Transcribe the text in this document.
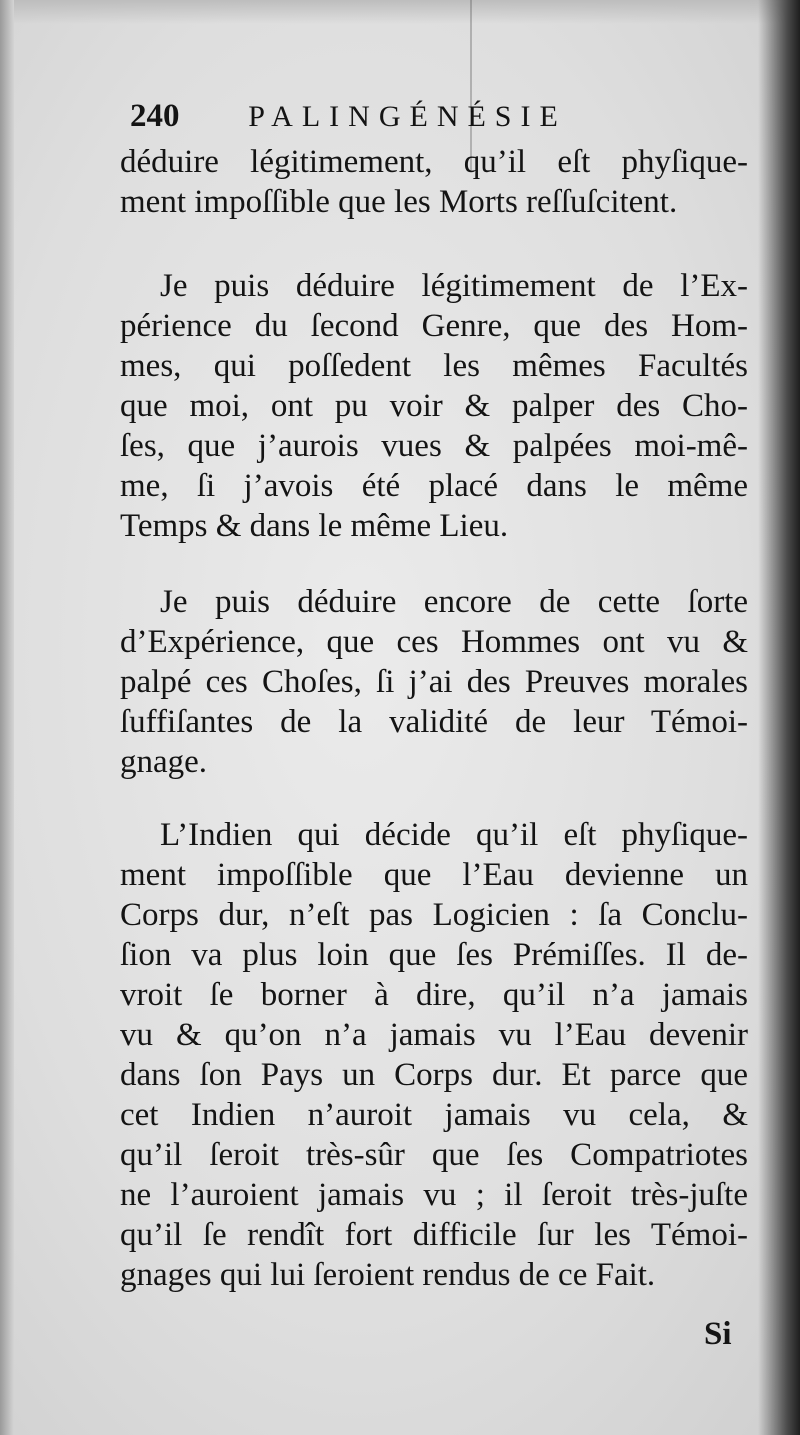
240 PALINGÉNÉSIE
déduire légitimement, qu’il eſt phyſique-
ment impoſſible que les Morts reſſuſcitent.
Je puis déduire légitimement de l’Ex-
périence du ſecond Genre, que des Hom-
mes, qui poſſedent les mêmes Facultés
que moi, ont pu voir & palper des Cho-
ſes, que j’aurois vues & palpées moi-mê-
me, ſi j’avois été placé dans le même
Temps & dans le même Lieu.
Je puis déduire encore de cette ſorte
d’Expérience, que ces Hommes ont vu &
palpé ces Choſes, ſi j’ai des Preuves morales
ſuffiſantes de la validité de leur Témoi-
gnage.
L’Indien qui décide qu’il eſt phyſique-
ment impoſſible que l’Eau devienne un
Corps dur, n’eſt pas Logicien : ſa Conclu-
ſion va plus loin que ſes Prémiſſes. Il de-
vroit ſe borner à dire, qu’il n’a jamais
vu & qu’on n’a jamais vu l’Eau devenir
dans ſon Pays un Corps dur. Et parce que
cet Indien n’auroit jamais vu cela, &
qu’il ſeroit très-sûr que ſes Compatriotes
ne l’auroient jamais vu ; il ſeroit très-juſte
qu’il ſe rendît fort difficile ſur les Témoi-
gnages qui lui ſeroient rendus de ce Fait.
Si
